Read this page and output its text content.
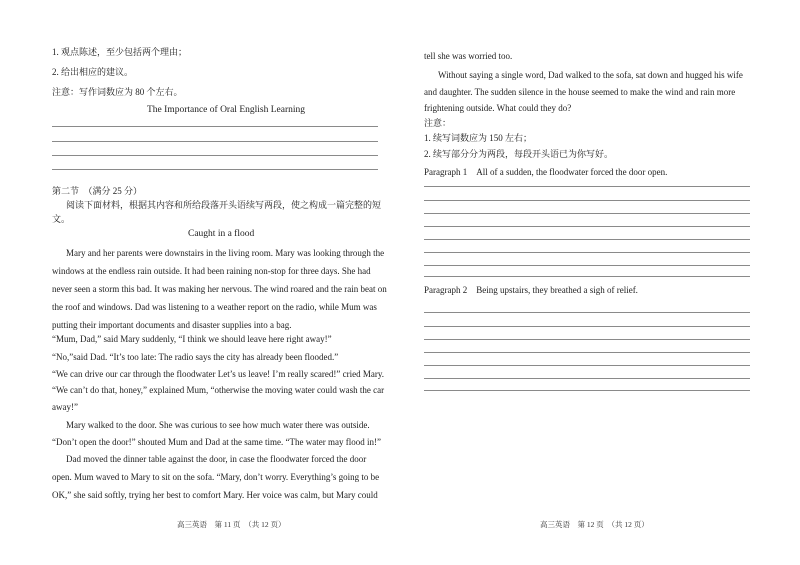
1. 观点陈述，至少包括两个理由；
2. 给出相应的建议。
注意：写作词数应为 80 个左右。
The Importance of Oral English Learning
第二节　（满分 25 分）
阅读下面材料，根据其内容和所给段落开头语续写两段，使之构成一篇完整的短
文。
Caught in a flood
Mary and her parents were downstairs in the living room. Mary was looking through the
windows at the endless rain outside. It had been raining non-stop for three days. She had
never seen a storm this bad. It was making her nervous. The wind roared and the rain beat on
the roof and windows. Dad was listening to a weather report on the radio, while Mum was
putting their important documents and disaster supplies into a bag.
“Mum, Dad,” said Mary suddenly, “I think we should leave here right away!”
“No,”said Dad. “It’s too late: The radio says the city has already been flooded.”
“We can drive our car through the floodwater Let’s us leave! I’m really scared!” cried Mary.
“We can’t do that, honey,” explained Mum, “otherwise the moving water could wash the car
away!”
Mary walked to the door. She was curious to see how much water there was outside.
“Don’t open the door!” shouted Mum and Dad at the same time. “The water may flood in!”
Dad moved the dinner table against the door, in case the floodwater forced the door
open. Mum waved to Mary to sit on the sofa. “Mary, don’t worry. Everything’s going to be
OK,” she said softly, trying her best to comfort Mary. Her voice was calm, but Mary could
高三英语　第 11 页　（共 12 页）
tell she was worried too.
Without saying a single word, Dad walked to the sofa, sat down and hugged his wife
and daughter. The sudden silence in the house seemed to make the wind and rain more
frightening outside. What could they do?
注意：
1. 续写词数应为 150 左右；
2. 续写部分分为两段，每段开头语已为你写好。
Paragraph 1　All of a sudden, the floodwater forced the door open.
Paragraph 2　Being upstairs, they breathed a sigh of relief.
高三英语　第 12 页　（共 12 页）
